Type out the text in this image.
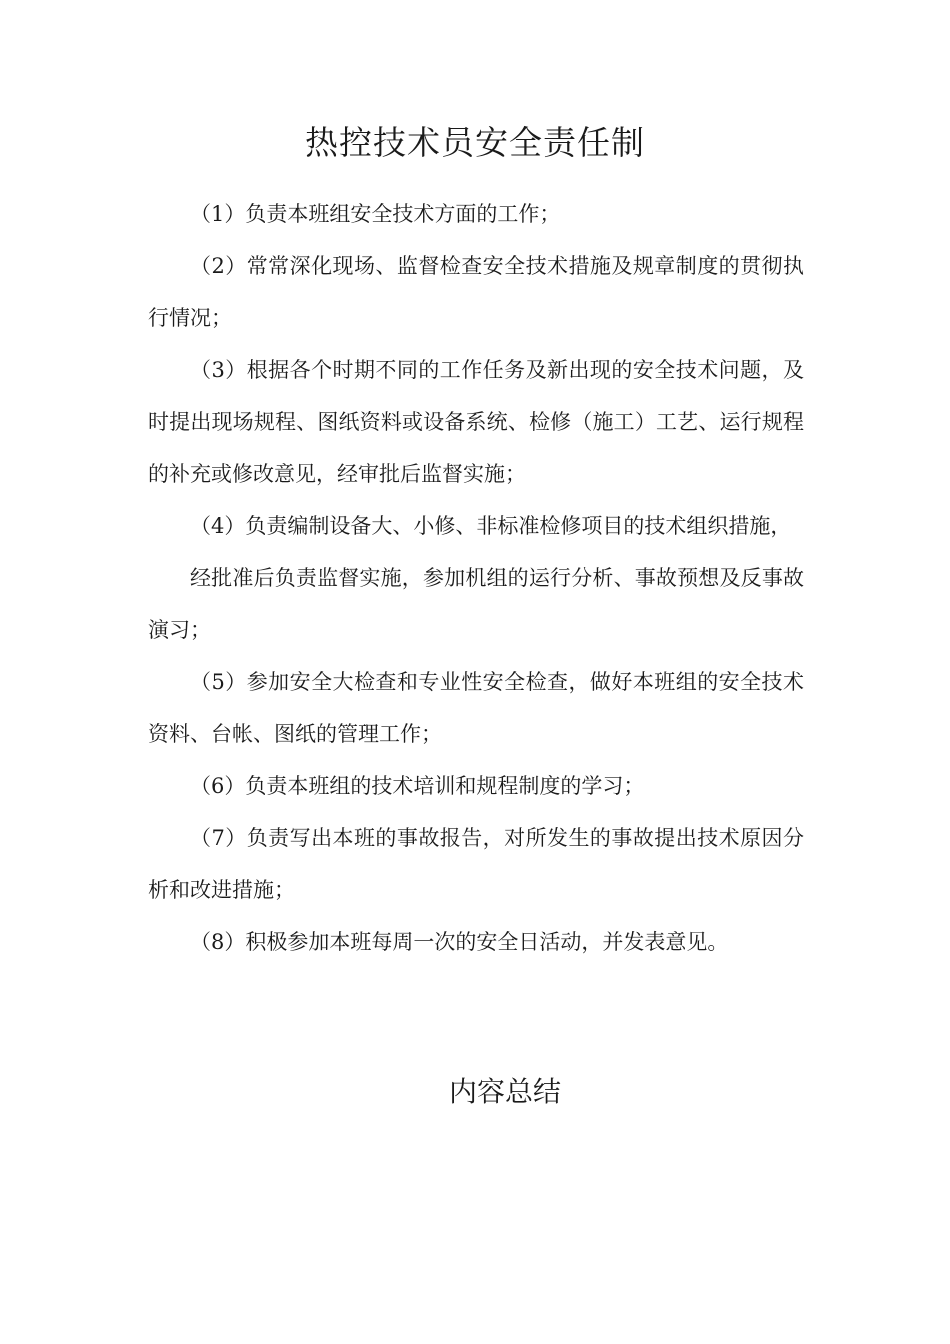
热控技术员安全责任制

（1）负责本班组安全技术方面的工作；

（2）常常深化现场、监督检查安全技术措施及规章制度的贯彻执行情况；

（3）根据各个时期不同的工作任务及新出现的安全技术问题，及时提出现场规程、图纸资料或设备系统、检修（施工）工艺、运行规程的补充或修改意见，经审批后监督实施；

（4）负责编制设备大、小修、非标准检修项目的技术组织措施，

经批准后负责监督实施，参加机组的运行分析、事故预想及反事故演习；

（5）参加安全大检查和专业性安全检查，做好本班组的安全技术资料、台帐、图纸的管理工作；

（6）负责本班组的技术培训和规程制度的学习；

（7）负责写出本班的事故报告，对所发生的事故提出技术原因分析和改进措施；

（8）积极参加本班每周一次的安全日活动，并发表意见。

内容总结
